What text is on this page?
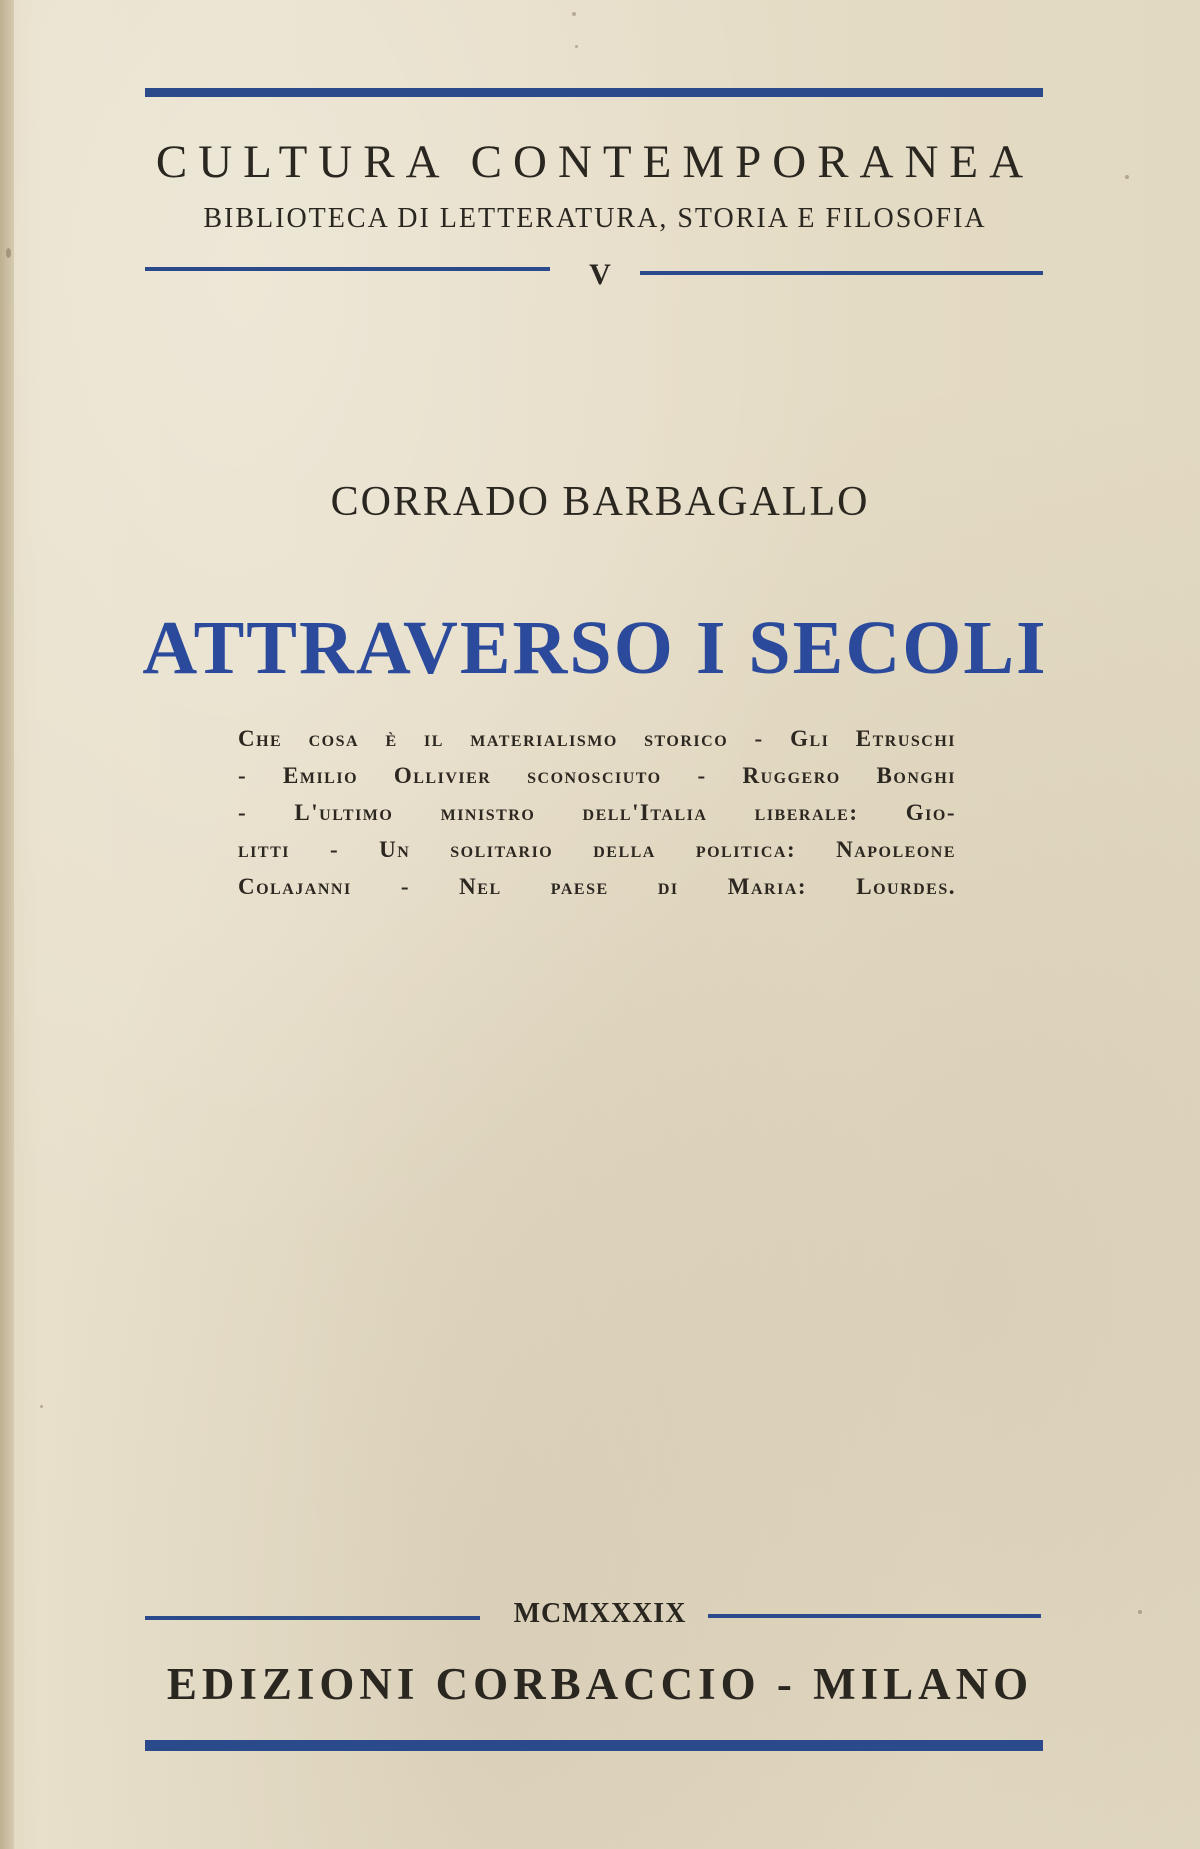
CULTURA CONTEMPORANEA
BIBLIOTECA DI LETTERATURA, STORIA E FILOSOFIA
V
CORRADO BARBAGALLO
ATTRAVERSO I SECOLI
Che cosa è il materialismo storico - Gli Etruschi
- Emilio Ollivier sconosciuto - Ruggero Bonghi
- L'ultimo ministro dell'Italia liberale: Gio-
litti - Un solitario della politica: Napoleone
Colajanni - Nel paese di Maria: Lourdes.
MCMXXXIX
EDIZIONI CORBACCIO - MILANO
